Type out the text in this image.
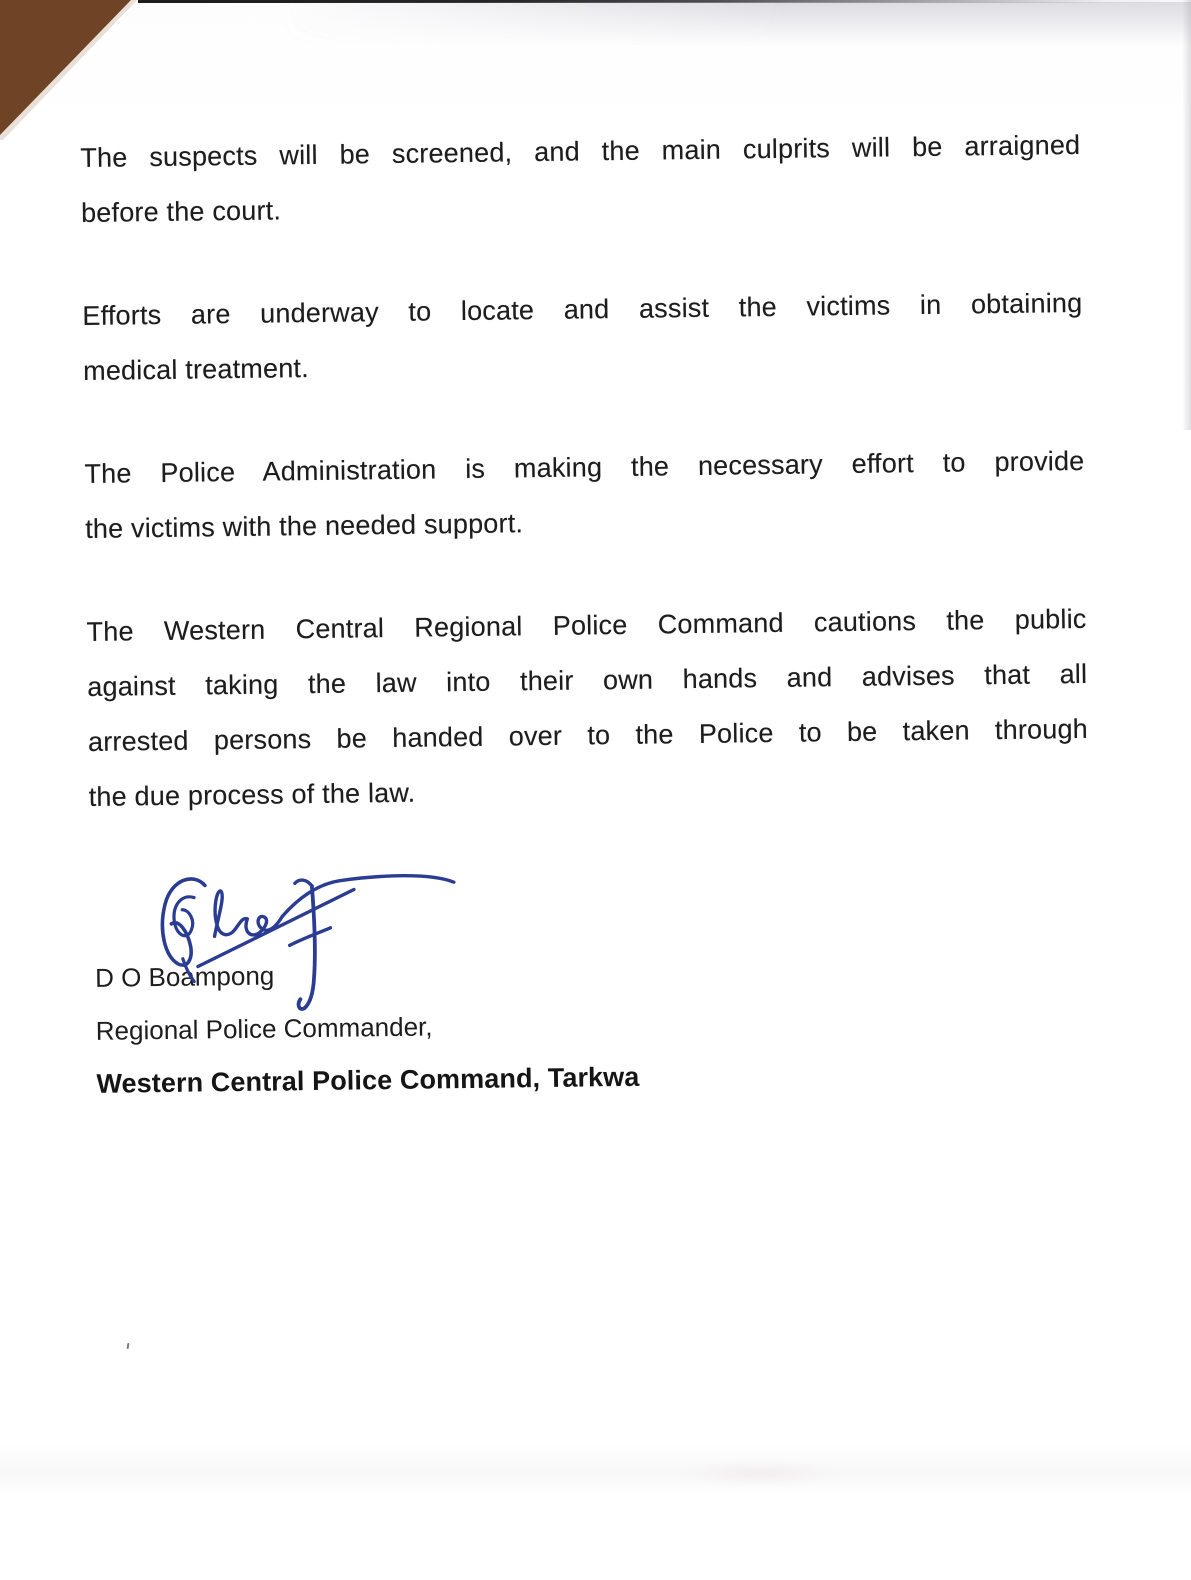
The suspects will be screened, and the main culprits will be arraigned
before the court.

Efforts are underway to locate and assist the victims in obtaining
medical treatment.

The Police Administration is making the necessary effort to provide
the victims with the needed support.

The Western Central Regional Police Command cautions the public
against taking the law into their own hands and advises that all
arrested persons be handed over to the Police to be taken through
the due process of the law.

D O Boampong
Regional Police Commander,
Western Central Police Command, Tarkwa
